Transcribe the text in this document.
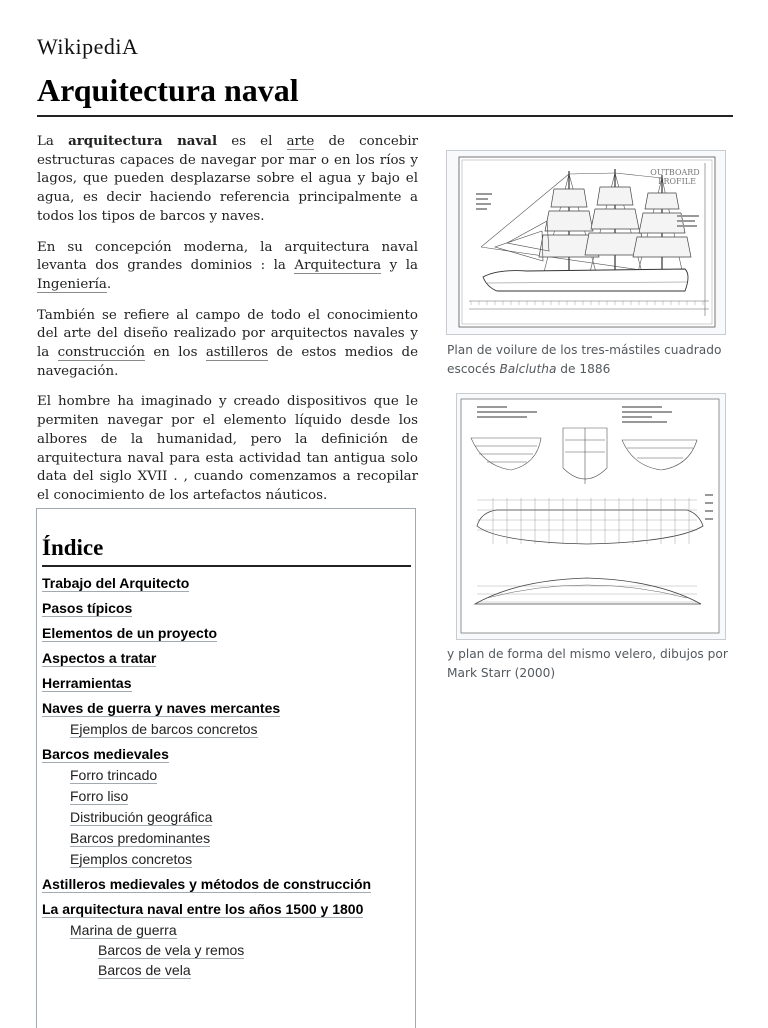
WikipediA
Arquitectura naval

La arquitectura naval es el arte de concebir estructuras capaces de navegar por mar o en los ríos y lagos, que pueden desplazarse sobre el agua y bajo el agua, es decir haciendo referencia principalmente a todos los tipos de barcos y naves.

En su concepción moderna, la arquitectura naval levanta dos grandes dominios : la Arquitectura y la Ingeniería.

También se refiere al campo de todo el conocimiento del arte del diseño realizado por arquitectos navales y la construcción en los astilleros de estos medios de navegación.

El hombre ha imaginado y creado dispositivos que le permiten navegar por el elemento líquido desde los albores de la humanidad, pero la definición de arquitectura naval para esta actividad tan antigua solo data del siglo XVII . , cuando comenzamos a recopilar el conocimiento de los artefactos náuticos.

Índice
Trabajo del Arquitecto
Pasos típicos
Elementos de un proyecto
Aspectos a tratar
Herramientas
Naves de guerra y naves mercantes
Ejemplos de barcos concretos
Barcos medievales
Forro trincado
Forro liso
Distribución geográfica
Barcos predominantes
Ejemplos concretos
Astilleros medievales y métodos de construcción
La arquitectura naval entre los años 1500 y 1800
Marina de guerra
Barcos de vela y remos
Barcos de vela
OUTBOARD
PROFILE
Plan de voilure de los tres-mástiles cuadrado escocés Balclutha de 1886
y plan de forma del mismo velero, dibujos por Mark Starr (2000)
